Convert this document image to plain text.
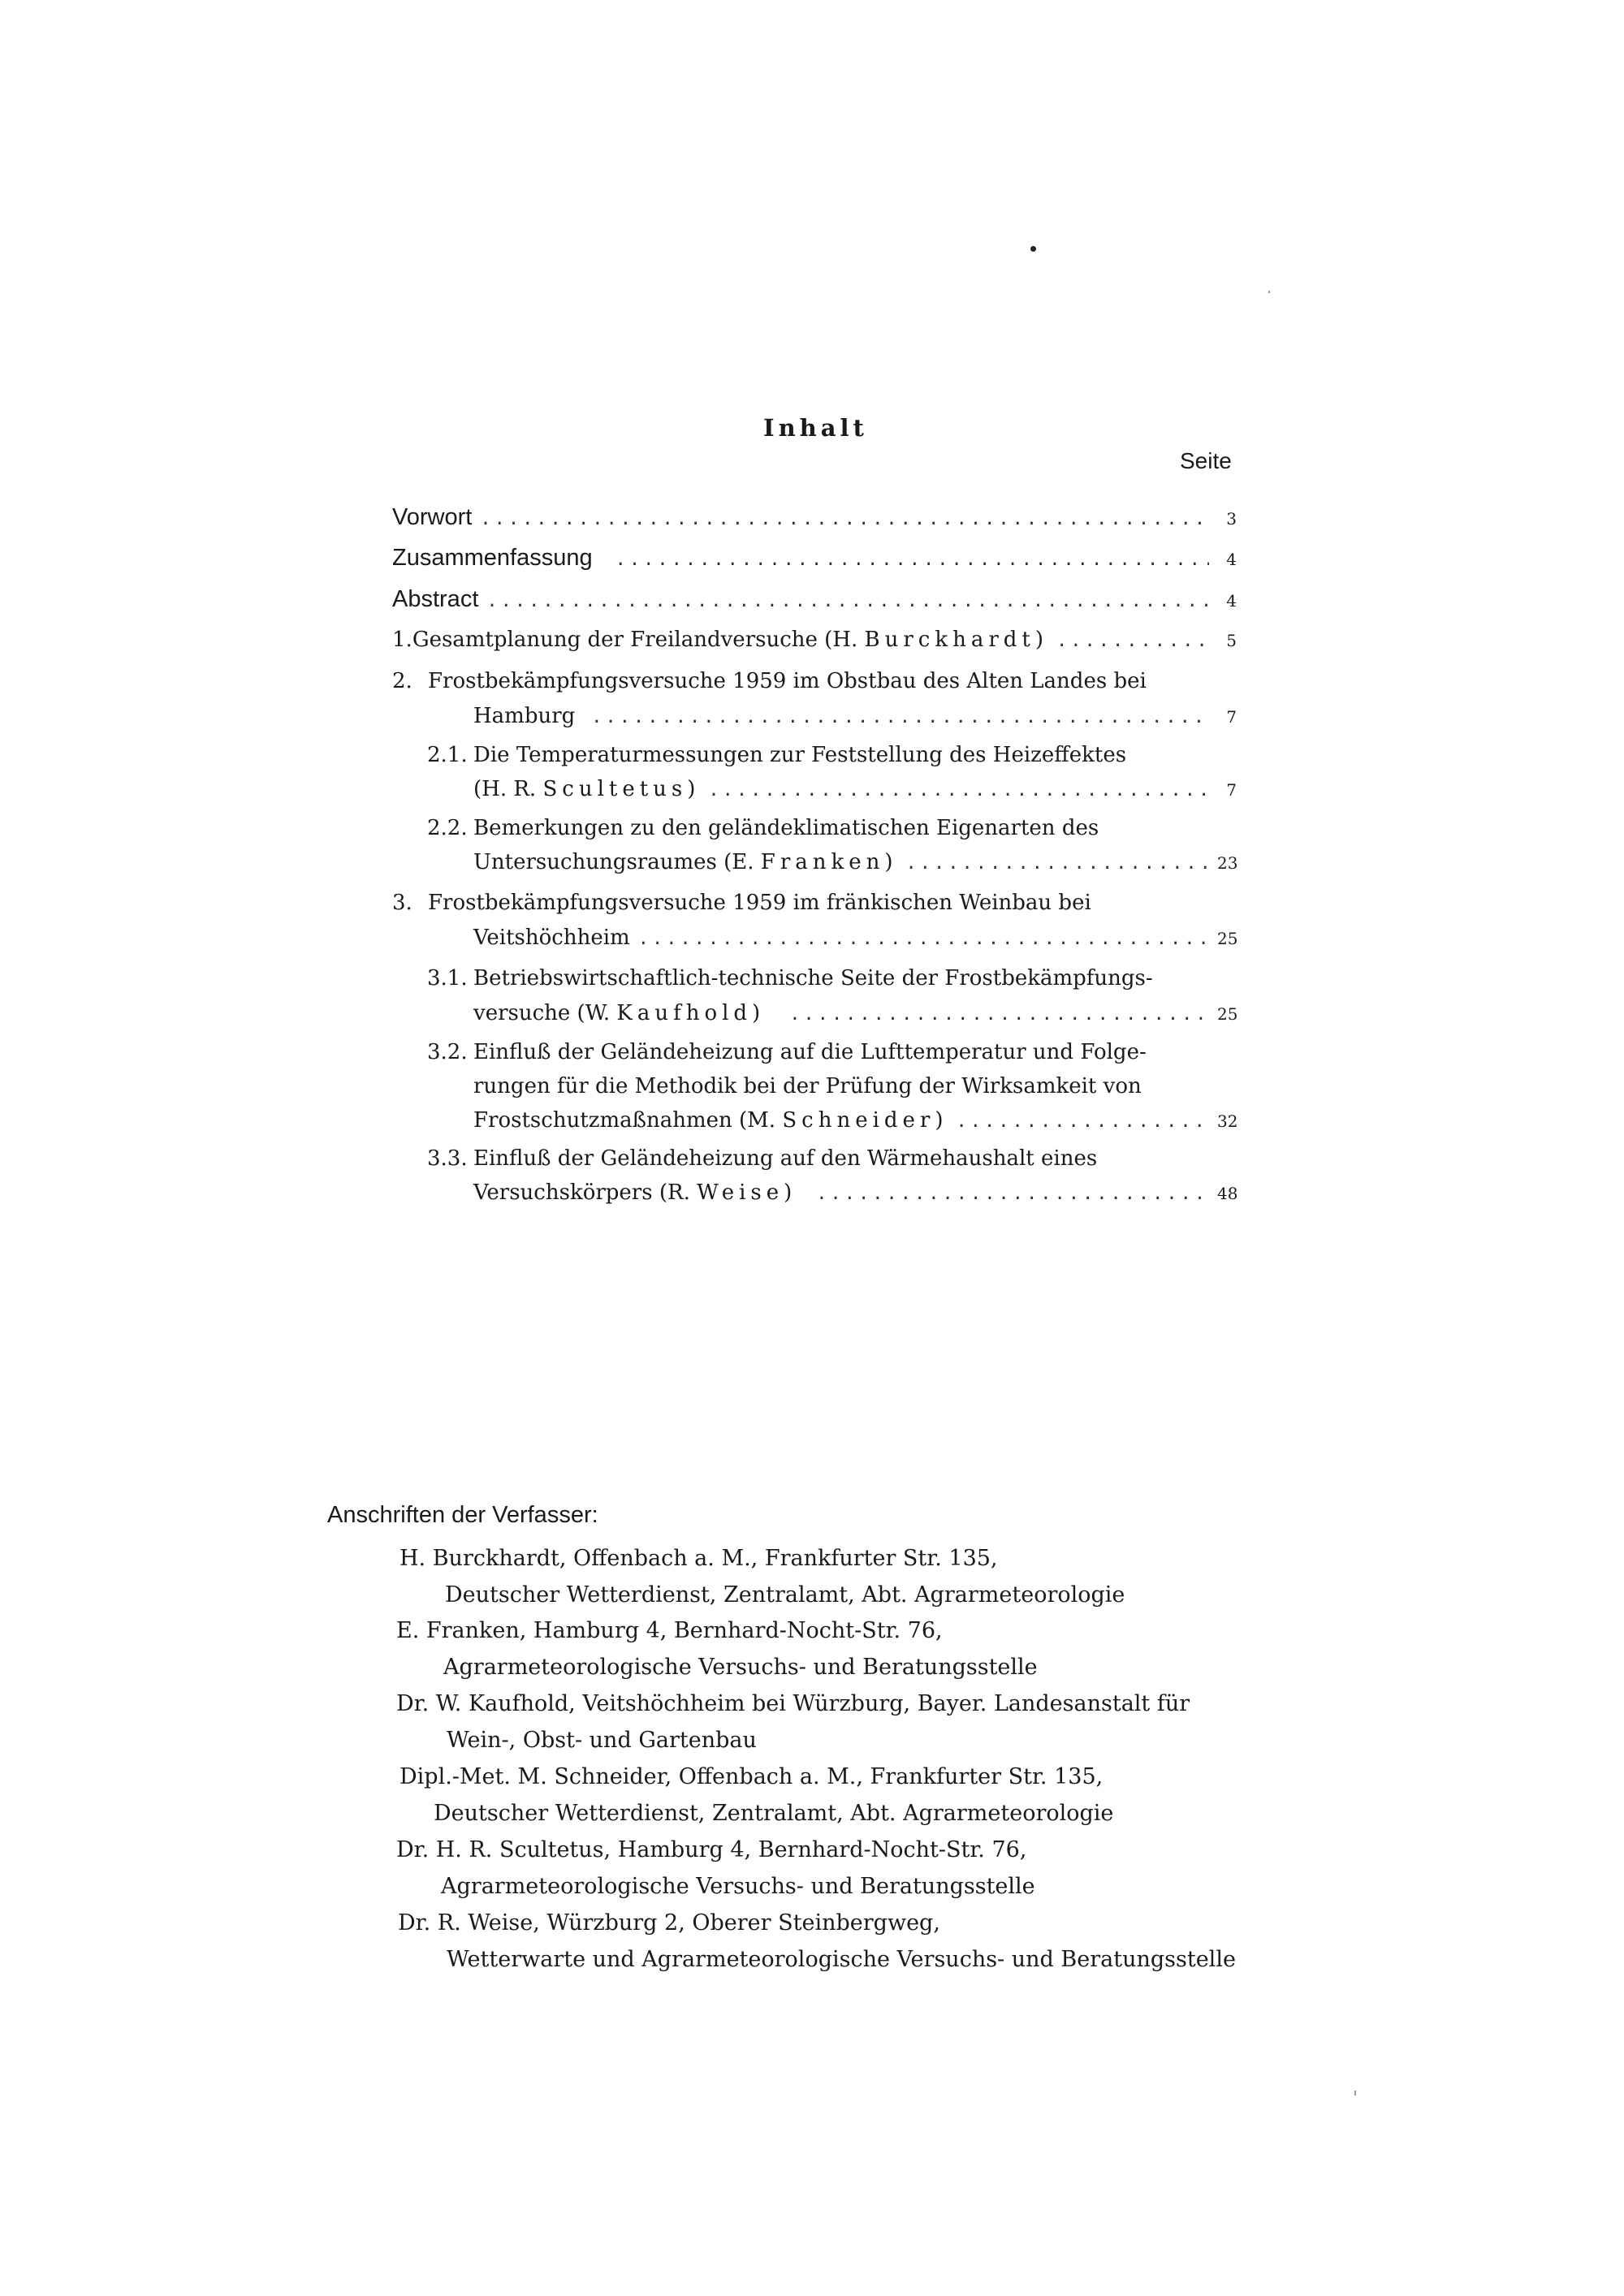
Inhalt
Seite
Vorwort .....	3
Zusammenfassung .....	4
Abstract .....	4
1. Gesamtplanung der Freilandversuche (H.
Burckhardt) .....	5
2. Frostbekämpfungsversuche 1959 im Obstbau des Alten Landes bei
Hamburg .....	7
2.1. Die Temperaturmessungen zur Feststellung des Heizeffektes
(H. R.
Scultetus) .....	7
2.2. Bemerkungen zu den geländeklimatischen Eigenarten des
Untersuchungsraumes (E.
Franken) .....	23
3. Frostbekämpfungsversuche 1959 im fränkischen Weinbau bei
Veitshöchheim .....	25
3.1. Betriebswirtschaftlich-technische Seite der Frostbekämpfungs-
versuche (W.
Kaufhold) .....	25
3.2. Einfluß der Geländeheizung auf die Lufttemperatur und Folge-
rungen für die Methodik bei der Prüfung der Wirksamkeit von
Frostschutzmaßnahmen (M.
Schneider) .....	32
3.3. Einfluß der Geländeheizung auf den Wärmehaushalt eines
Versuchskörpers (R.
Weise) .....	48
Anschriften der Verfasser:
H. Burckhardt, Offenbach a. M., Frankfurter Str. 135,
Deutscher Wetterdienst, Zentralamt, Abt. Agrarmeteorologie
E. Franken, Hamburg 4, Bernhard-Nocht-Str. 76,
Agrarmeteorologische Versuchs- und Beratungsstelle
Dr. W. Kaufhold, Veitshöchheim bei Würzburg, Bayer. Landesanstalt für
Wein-, Obst- und Gartenbau
Dipl.-Met. M. Schneider, Offenbach a. M., Frankfurter Str. 135,
Deutscher Wetterdienst, Zentralamt, Abt. Agrarmeteorologie
Dr. H. R. Scultetus, Hamburg 4, Bernhard-Nocht-Str. 76,
Agrarmeteorologische Versuchs- und Beratungsstelle
Dr. R. Weise, Würzburg 2, Oberer Steinbergweg,
Wetterwarte und Agrarmeteorologische Versuchs- und Beratungsstelle
